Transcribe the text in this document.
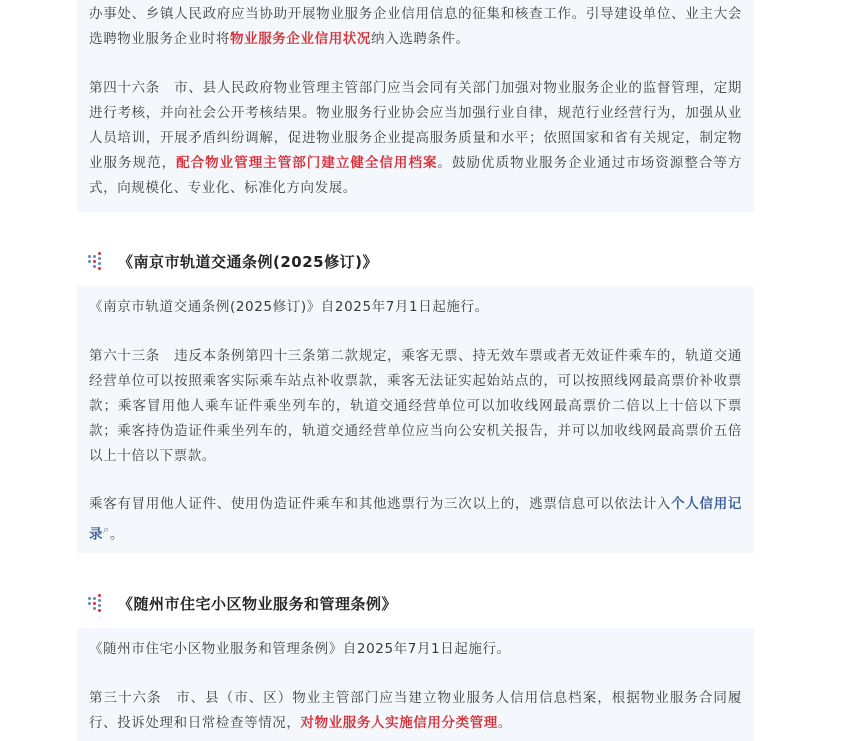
办事处、乡镇人民政府应当协助开展物业服务企业信用信息的征集和核查工作。引导建设单位、业主大会选聘物业服务企业时将物业服务企业信用状况纳入选聘条件。

第四十六条　市、县人民政府物业管理主管部门应当会同有关部门加强对物业服务企业的监督管理，定期进行考核，并向社会公开考核结果。物业服务行业协会应当加强行业自律，规范行业经营行为，加强从业人员培训，开展矛盾纠纷调解，促进物业服务企业提高服务质量和水平；依照国家和省有关规定，制定物业服务规范，配合物业管理主管部门建立健全信用档案。鼓励优质物业服务企业通过市场资源整合等方式，向规模化、专业化、标准化方向发展。

《南京市轨道交通条例(2025修订)》

《南京市轨道交通条例(2025修订)》自2025年7月1日起施行。

第六十三条　违反本条例第四十三条第二款规定，乘客无票、持无效车票或者无效证件乘车的，轨道交通经营单位可以按照乘客实际乘车站点补收票款，乘客无法证实起始站点的，可以按照线网最高票价补收票款；乘客冒用他人乘车证件乘坐列车的，轨道交通经营单位可以加收线网最高票价二倍以上十倍以下票款；乘客持伪造证件乘坐列车的，轨道交通经营单位应当向公安机关报告，并可以加收线网最高票价五倍以上十倍以下票款。

乘客有冒用他人证件、使用伪造证件乘车和其他逃票行为三次以上的，逃票信息可以依法计入个人信用记录⌕。

《随州市住宅小区物业服务和管理条例》

《随州市住宅小区物业服务和管理条例》自2025年7月1日起施行。

第三十六条　市、县（市、区）物业主管部门应当建立物业服务人信用信息档案，根据物业服务合同履行、投诉处理和日常检查等情况，对物业服务人实施信用分类管理。
